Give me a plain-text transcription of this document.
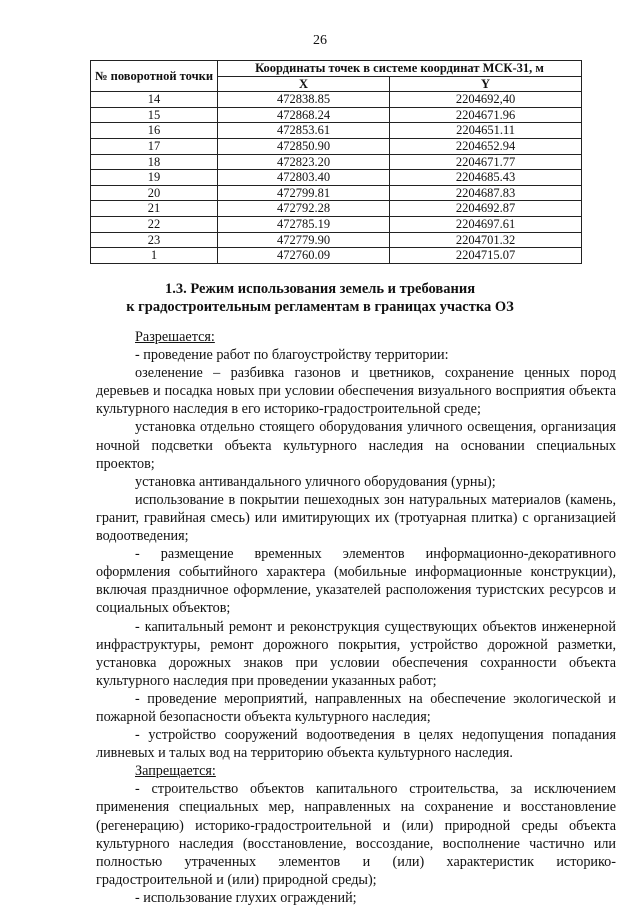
26
№ поворотной точки	Координаты точек в системе координат МСК-31, м	
	X	Y
14	472838.85	2204692,40
15	472868.24	2204671.96
16	472853.61	2204651.11
17	472850.90	2204652.94
18	472823.20	2204671.77
19	472803.40	2204685.43
20	472799.81	2204687.83
21	472792.28	2204692.87
22	472785.19	2204697.61
23	472779.90	2204701.32
1	472760.09	2204715.07
1.3. Режим использования земель и требования
к градостроительным регламентам в границах участка ОЗ

Разрешается:

- проведение работ по благоустройству территории:

озеленение – разбивка газонов и цветников, сохранение ценных пород деревьев и посадка новых при условии обеспечения визуального восприятия объекта культурного наследия в его историко-градостроительной среде;

установка отдельно стоящего оборудования уличного освещения, организация ночной подсветки объекта культурного наследия на основании специальных проектов;

установка антивандального уличного оборудования (урны);

использование в покрытии пешеходных зон натуральных материалов (камень, гранит, гравийная смесь) или имитирующих их (тротуарная плитка) с организацией водоотведения;

- размещение временных элементов информационно-декоративного оформления событийного характера (мобильные информационные конструкции), включая праздничное оформление, указателей расположения туристских ресурсов и социальных объектов;

- капитальный ремонт и реконструкция существующих объектов инженерной инфраструктуры, ремонт дорожного покрытия, устройство дорожной разметки, установка дорожных знаков при условии обеспечения сохранности объекта культурного наследия при проведении указанных работ;

- проведение мероприятий, направленных на обеспечение экологической и пожарной безопасности объекта культурного наследия;

- устройство сооружений водоотведения в целях недопущения попадания ливневых и талых вод на территорию объекта культурного наследия.

Запрещается:

- строительство объектов капитального строительства, за исключением применения специальных мер, направленных на сохранение и восстановление (регенерацию) историко-градостроительной и (или) природной среды объекта культурного наследия (восстановление, воссоздание, восполнение частично или полностью утраченных элементов и (или) характеристик историко-градостроительной и (или) природной среды);

- использование глухих ограждений;
